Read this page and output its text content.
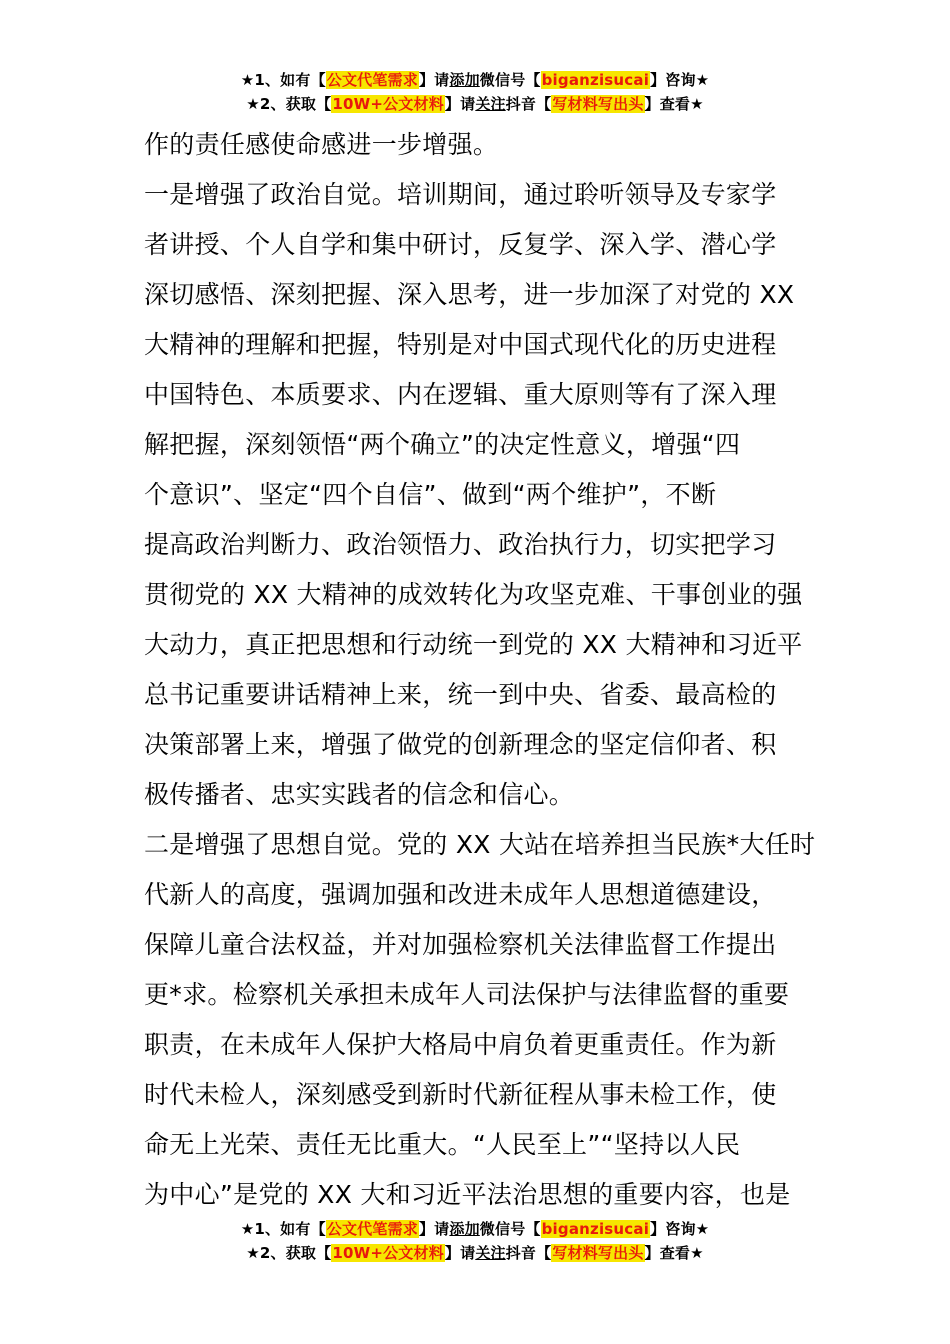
★1、如有【公文代笔需求】请添加微信号【biganzisucai】咨询★
★2、获取【10W+公文材料】请关注抖音【写材料写出头】查看★
作的责任感使命感进一步增强。
一是增强了政治自觉。培训期间，通过聆听领导及专家学
者讲授、个人自学和集中研讨，反复学、深入学、潜心学
深切感悟、深刻把握、深入思考，进一步加深了对党的 XX
大精神的理解和把握，特别是对中国式现代化的历史进程
中国特色、本质要求、内在逻辑、重大原则等有了深入理
解把握，深刻领悟“两个确立”的决定性意义，增强“四
个意识”、坚定“四个自信”、做到“两个维护”，不断
提高政治判断力、政治领悟力、政治执行力，切实把学习
贯彻党的 XX 大精神的成效转化为攻坚克难、干事创业的强
大动力，真正把思想和行动统一到党的 XX 大精神和习近平
总书记重要讲话精神上来，统一到中央、省委、最高检的
决策部署上来，增强了做党的创新理念的坚定信仰者、积
极传播者、忠实实践者的信念和信心。
二是增强了思想自觉。党的 XX 大站在培养担当民族*大任时
代新人的高度，强调加强和改进未成年人思想道德建设，
保障儿童合法权益，并对加强检察机关法律监督工作提出
更*求。检察机关承担未成年人司法保护与法律监督的重要
职责，在未成年人保护大格局中肩负着更重责任。作为新
时代未检人，深刻感受到新时代新征程从事未检工作，使
命无上光荣、责任无比重大。“人民至上”“坚持以人民
为中心”是党的 XX 大和习近平法治思想的重要内容，也是
★1、如有【公文代笔需求】请添加微信号【biganzisucai】咨询★
★2、获取【10W+公文材料】请关注抖音【写材料写出头】查看★
